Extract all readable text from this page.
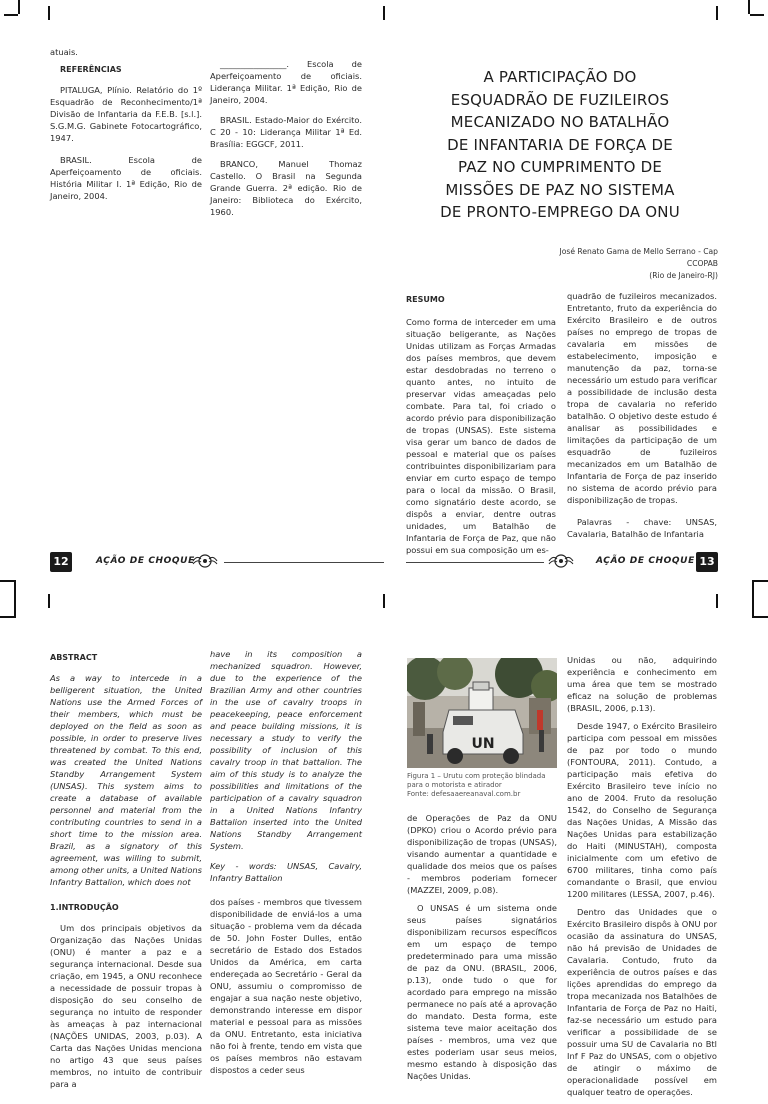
atuais.

REFERÊNCIAS

PITALUGA, Plínio. Relatório do 1º Esquadrão de Reconhecimento/1ª Divisão de Infantaria da F.E.B. [s.l.]. S.G.M.G. Gabinete Fotocartográfico, 1947.

BRASIL. Escola de Aperfeiçoamento de oficiais. História Militar I. 1ª Edição, Rio de Janeiro, 2004.

________________. Escola de Aperfeiçoamento de oficiais. Liderança Militar. 1ª Edição, Rio de Janeiro, 2004.

BRASIL. Estado-Maior do Exército. C 20 - 10: Liderança Militar 1ª Ed. Brasília: EGGCF, 2011.

BRANCO, Manuel Thomaz Castello. O Brasil na Segunda Grande Guerra. 2ª edição. Rio de Janeiro: Biblioteca do Exército, 1960.

A PARTICIPAÇÃO DO
ESQUADRÃO DE FUZILEIROS
MECANIZADO NO BATALHÃO
DE INFANTARIA DE FORÇA DE
PAZ NO CUMPRIMENTO DE
MISSÕES DE PAZ NO SISTEMA
DE PRONTO-EMPREGO DA ONU
José Renato Gama de Mello Serrano - Cap
CCOPAB
(Rio de Janeiro-RJ)
RESUMO

Como forma de interceder em uma situação beligerante, as Nações Unidas utilizam as Forças Armadas dos países membros, que devem estar desdobradas no terreno o quanto antes, no intuito de preservar vidas ameaçadas pelo combate. Para tal, foi criado o acordo prévio para disponibilização de tropas (UNSAS). Este sistema visa gerar um banco de dados de pessoal e material que os países contribuintes disponibilizariam para enviar em curto espaço de tempo para o local da missão. O Brasil, como signatário deste acordo, se dispôs a enviar, dentre outras unidades, um Batalhão de Infantaria de Força de Paz, que não possui em sua composição um es-

quadrão de fuzileiros mecanizados. Entretanto, fruto da experiência do Exército Brasileiro e de outros países no emprego de tropas de cavalaria em missões de estabelecimento, imposição e manutenção da paz, torna-se necessário um estudo para verificar a possibilidade de inclusão desta tropa de cavalaria no referido batalhão. O objetivo deste estudo é analisar as possibilidades e limitações da participação de um esquadrão de fuzileiros mecanizados em um Batalhão de Infantaria de Força de paz inserido no sistema de acordo prévio para disponibilização de tropas.

Palavras - chave: UNSAS, Cavalaria, Batalhão de Infantaria

12	AÇÃO DE CHOQUE	AÇÃO DE CHOQUE 13
ABSTRACT

As a way to intercede in a belligerent situation, the United Nations use the Armed Forces of their members, which must be deployed on the field as soon as possible, in order to preserve lives threatened by combat. To this end, was created the United Nations Standby Arrangement System (UNSAS). This system aims to create a database of available personnel and material from the contributing countries to send in a short time to the mission area. Brazil, as a signatory of this agreement, was willing to submit, among other units, a United Nations Infantry Battalion, which does not

1.INTRODUÇÃO

Um dos principais objetivos da Organização das Nações Unidas (ONU) é manter a paz e a segurança internacional. Desde sua criação, em 1945, a ONU reconhece a necessidade de possuir tropas à disposição do seu conselho de segurança no intuito de responder às ameaças à paz internacional (NAÇÕES UNIDAS, 2003, p.03). A Carta das Nações Unidas menciona no artigo 43 que seus países membros, no intuito de contribuir para a

have in its composition a mechanized squadron. However, due to the experience of the Brazilian Army and other countries in the use of cavalry troops in peacekeeping, peace enforcement and peace building missions, it is necessary a study to verify the possibility of inclusion of this cavalry troop in that battalion. The aim of this study is to analyze the possibilities and limitations of the participation of a cavalry squadron in a United Nations Infantry Battalion inserted into the United Nations Standby Arrangement System.

Key - words: UNSAS, Cavalry, Infantry Battalion

dos países - membros que tivessem disponibilidade de enviá-los a uma situação - problema vem da década de 50. John Foster Dulles, então secretário de Estado dos Estados Unidos da América, em carta endereçada ao Secretário - Geral da ONU, assumiu o compromisso de engajar a sua nação neste objetivo, demonstrando interesse em dispor material e pessoal para as missões da ONU. Entretanto, esta iniciativa não foi à frente, tendo em vista que os países membros não estavam dispostos a ceder seus

UN
Figura 1 – Urutu com proteção blindada para o motorista e atirador
Fonte: defesaaereanaval.com.br

de Operações de Paz da ONU (DPKO) criou o Acordo prévio para disponibilização de tropas (UNSAS), visando aumentar a quantidade e qualidade dos meios que os países - membros poderiam fornecer (MAZZEI, 2009, p.08).

O UNSAS é um sistema onde seus países signatários disponibilizam recursos específicos em um espaço de tempo predeterminado para uma missão de paz da ONU. (BRASIL, 2006, p.13), onde tudo o que for acordado para emprego na missão permanece no país até a aprovação do mandato. Desta forma, este sistema teve maior aceitação dos países - membros, uma vez que estes poderiam usar seus meios, mesmo estando à disposição das Nações Unidas.

Unidas ou não, adquirindo experiência e conhecimento em uma área que tem se mostrado eficaz na solução de problemas (BRASIL, 2006, p.13).

Desde 1947, o Exército Brasileiro participa com pessoal em missões de paz por todo o mundo (FONTOURA, 2011). Contudo, a participação mais efetiva do Exército Brasileiro teve início no ano de 2004. Fruto da resolução 1542, do Conselho de Segurança das Nações Unidas, A Missão das Nações Unidas para estabilização do Haiti (MINUSTAH), composta inicialmente com um efetivo de 6700 militares, tinha como país comandante o Brasil, que enviou 1200 militares (LESSA, 2007, p.46).

Dentro das Unidades que o Exército Brasileiro dispôs à ONU por ocasião da assinatura do UNSAS, não há previsão de Unidades de Cavalaria. Contudo, fruto da experiência de outros países e das lições aprendidas do emprego da tropa mecanizada nos Batalhões de Infantaria de Força de Paz no Haiti, faz-se necessário um estudo para verificar a possibilidade de se possuir uma SU de Cavalaria no Btl Inf F Paz do UNSAS, com o objetivo de atingir o máximo de operacionalidade possível em qualquer teatro de operações.
